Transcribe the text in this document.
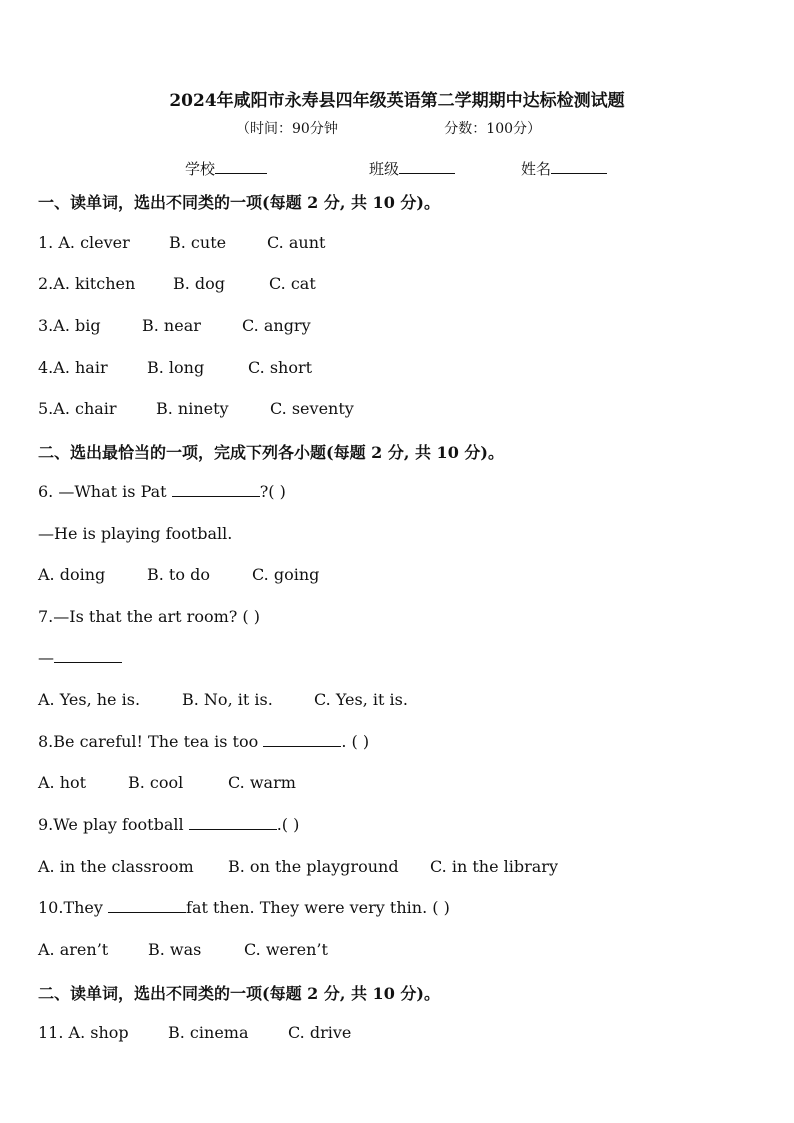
2024年咸阳市永寿县四年级英语第二学期期中达标检测试题
（时间：90分钟	分数：100分）
学校	班级	姓名
一、读单词，选出不同类的一项(每题 2 分, 共 10 分)。
1. A. clever B. cute	C. aunt
2.A. kitchen B. dog	C. cat
3.A. big	B. near	C. angry
4.A. hair B. long	C. short
5.A. chair B. ninety	C. seventy
二、选出最恰当的一项，完成下列各小题(每题 2 分, 共 10 分)。
6. —What is Pat	?( )
—He is playing football.
A. doing	B. to do	C. going
7.—Is that the art room? ( )
—
A. Yes, he is.	B. No, it is.	C. Yes, it is.
8.Be careful! The tea is too	. ( )
A. hot	B. cool	C. warm
9.We play football	.( )
A. in the classroom B. on the playground C. in the library
10.They	fat then. They were very thin. ( )
A. aren’t B. was	C. weren’t
二、读单词，选出不同类的一项(每题 2 分, 共 10 分)。
11. A. shop B. cinema C. drive
